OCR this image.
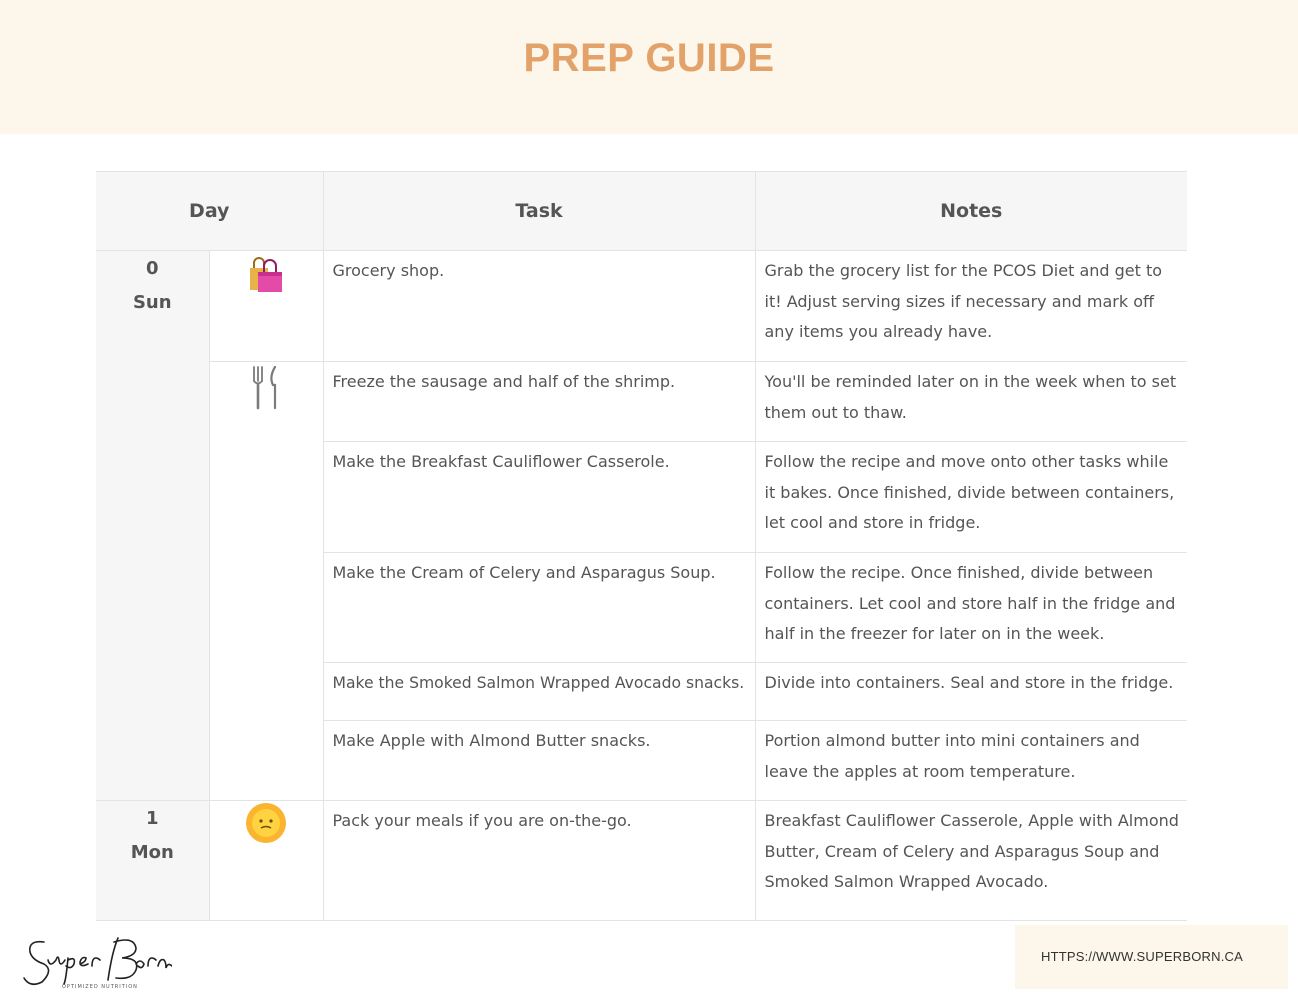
PREP GUIDE
Day		Task	Notes

0
Sun		Grocery shop.	Grab the grocery list for the PCOS Diet and get to it! Adjust serving sizes if necessary and mark off any items you already have.
	Freeze the sausage and half of the shrimp.	You'll be reminded later on in the week when to set them out to thaw.
		Make the Breakfast Cauliflower Casserole.	Follow the recipe and move onto other tasks while it bakes. Once finished, divide between containers, let cool and store in fridge.
		Make the Cream of Celery and Asparagus Soup.	Follow the recipe. Once finished, divide between containers. Let cool and store half in the fridge and half in the freezer for later on in the week.
		Make the Smoked Salmon Wrapped Avocado snacks.	Divide into containers. Seal and store in the fridge.
		Make Apple with Almond Butter snacks.	Portion almond butter into mini containers and leave the apples at room temperature.

1
Mon		Pack your meals if you are on-the-go.	Breakfast Cauliflower Casserole, Apple with Almond Butter, Cream of Celery and Asparagus Soup and Smoked Salmon Wrapped Avocado.
OPTIMIZED NUTRITION
HTTPS://WWW.SUPERBORN.CA
